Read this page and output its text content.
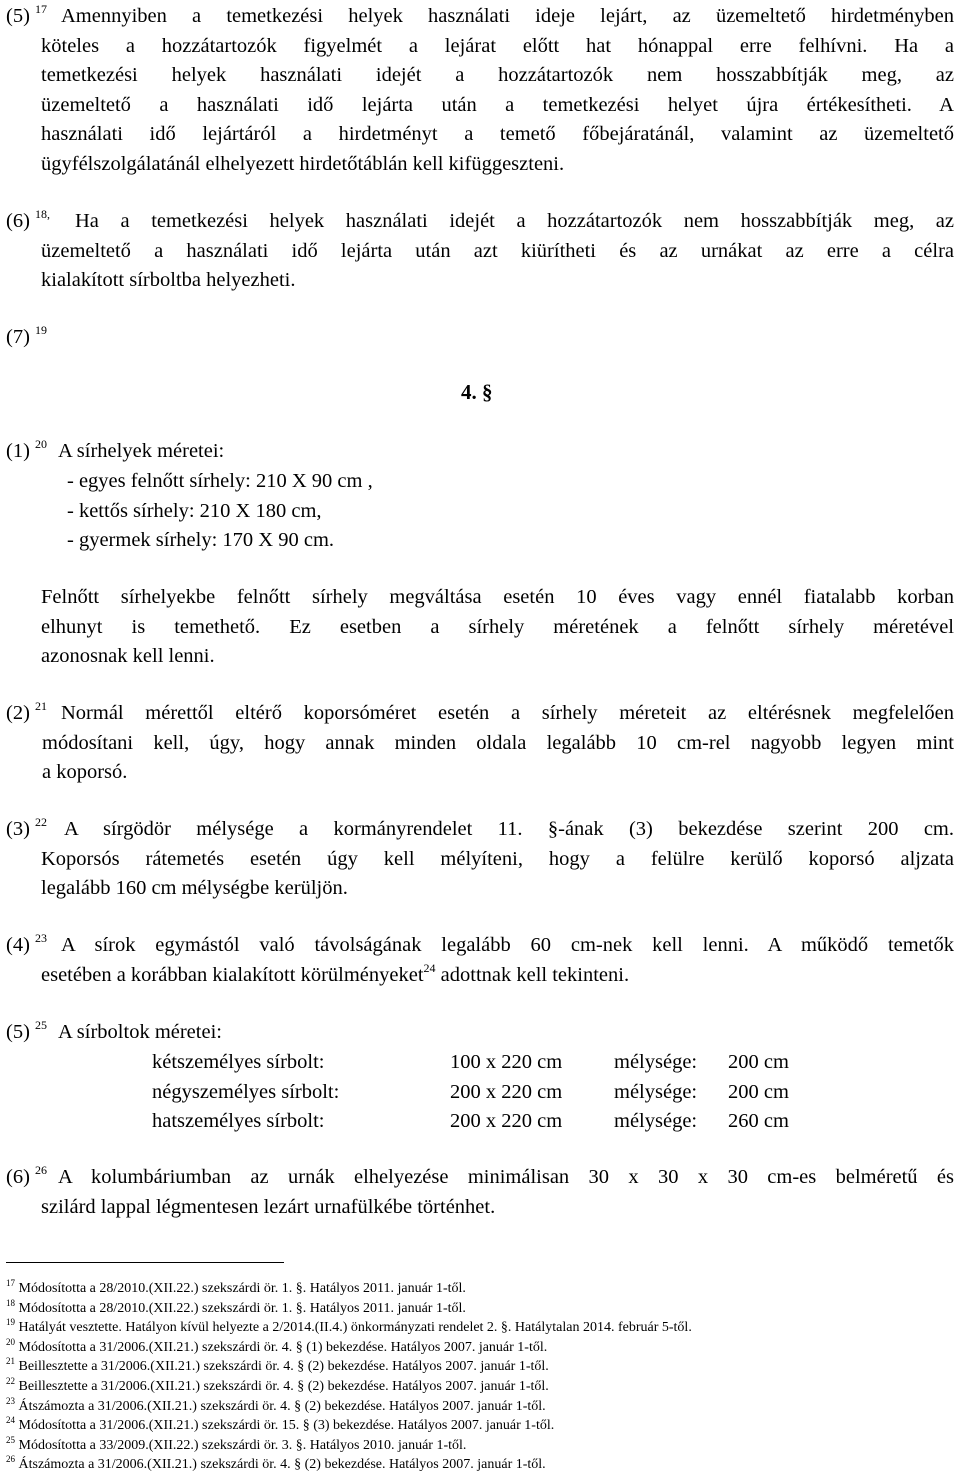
(5) $^{17}$ Amennyiben a temetkezési helyek használati ideje lejárt, az üzemeltető hirdetményben
köteles a hozzátartozók figyelmét a lejárat előtt hat hónappal erre felhívni. Ha a
temetkezési helyek használati idejét a hozzátartozók nem hosszabbítják meg, az
üzemeltető a használati idő lejárta után a temetkezési helyet újra értékesítheti. A
használati idő lejártáról a hirdetményt a temető főbejáratánál, valamint az üzemeltető
ügyfélszolgálatánál elhelyezett hirdetőtáblán kell kifüggeszteni.
(6) $^{18,}$	Ha a temetkezési helyek használati idejét a hozzátartozók nem hosszabbítják meg, az
üzemeltető a használati idő lejárta után azt kiürítheti és az urnákat az erre a célra
kialakított sírboltba helyezheti.
(7) $^{19}$
4. §
(1) $^{20}$ A sírhelyek méretei:
- egyes felnőtt sírhely: 210 X 90 cm ,
- kettős sírhely: 210 X 180 cm,
- gyermek sírhely: 170 X 90 cm.
Felnőtt sírhelyekbe felnőtt sírhely megváltása esetén 10 éves vagy ennél fiatalabb korban
elhunyt is temethető. Ez esetben a sírhely méretének a felnőtt sírhely méretével
azonosnak kell lenni.
(2) $^{21}$ Normál mérettől eltérő koporsóméret esetén a sírhely méreteit az eltérésnek megfelelően
módosítani kell, úgy, hogy annak minden oldala legalább 10 cm-rel nagyobb legyen mint
a koporsó.
(3) $^{22}$ A sírgödör mélysége a kormányrendelet 11. §-ának (3) bekezdése szerint 200 cm.
Koporsós rátemetés esetén úgy kell mélyíteni, hogy a felülre kerülő koporsó aljzata
legalább 160 cm mélységbe kerüljön.
(4) $^{23}$ A sírok egymástól való távolságának legalább 60 cm-nek kell lenni. A működő temetők
esetében a korábban kialakított körülményeket$^{24}$ adottnak kell tekinteni.
(5) $^{25}$ A sírboltok méretei:
kétszemélyes sírbolt:	100 x 220 cm	mélysége: 200 cm
négyszemélyes sírbolt:	200 x 220 cm	mélysége: 200 cm
hatszemélyes sírbolt:	200 x 220 cm	mélysége: 260 cm
(6) $^{26}$ A kolumbáriumban az urnák elhelyezése minimálisan 30 x 30 x 30 cm-es belméretű és
szilárd lappal légmentesen lezárt urnafülkébe történhet.
$^{17}$ Módosította a 28/2010.(XII.22.) szekszárdi ör. 1. §. Hatályos 2011. január 1-től.
$^{18}$ Módosította a 28/2010.(XII.22.) szekszárdi ör. 1. §. Hatályos 2011. január 1-től.
$^{19}$ Hatályát vesztette. Hatályon kívül helyezte a 2/2014.(II.4.) önkormányzati rendelet 2. §. Hatálytalan 2014. február 5-től.
$^{20}$ Módosította a 31/2006.(XII.21.) szekszárdi ör. 4. § (1) bekezdése. Hatályos 2007. január 1-től.
$^{21}$ Beillesztette a 31/2006.(XII.21.) szekszárdi ör. 4. § (2) bekezdése. Hatályos 2007. január 1-től.
$^{22}$ Beillesztette a 31/2006.(XII.21.) szekszárdi ör. 4. § (2) bekezdése. Hatályos 2007. január 1-től.
$^{23}$ Átszámozta a 31/2006.(XII.21.) szekszárdi ör. 4. § (2) bekezdése. Hatályos 2007. január 1-től.
$^{24}$ Módosította a 31/2006.(XII.21.) szekszárdi ör. 15. § (3) bekezdése. Hatályos 2007. január 1-től.
$^{25}$ Módosította a 33/2009.(XII.22.) szekszárdi ör. 3. §. Hatályos 2010. január 1-től.
$^{26}$ Átszámozta a 31/2006.(XII.21.) szekszárdi ör. 4. § (2) bekezdése. Hatályos 2007. január 1-től.
